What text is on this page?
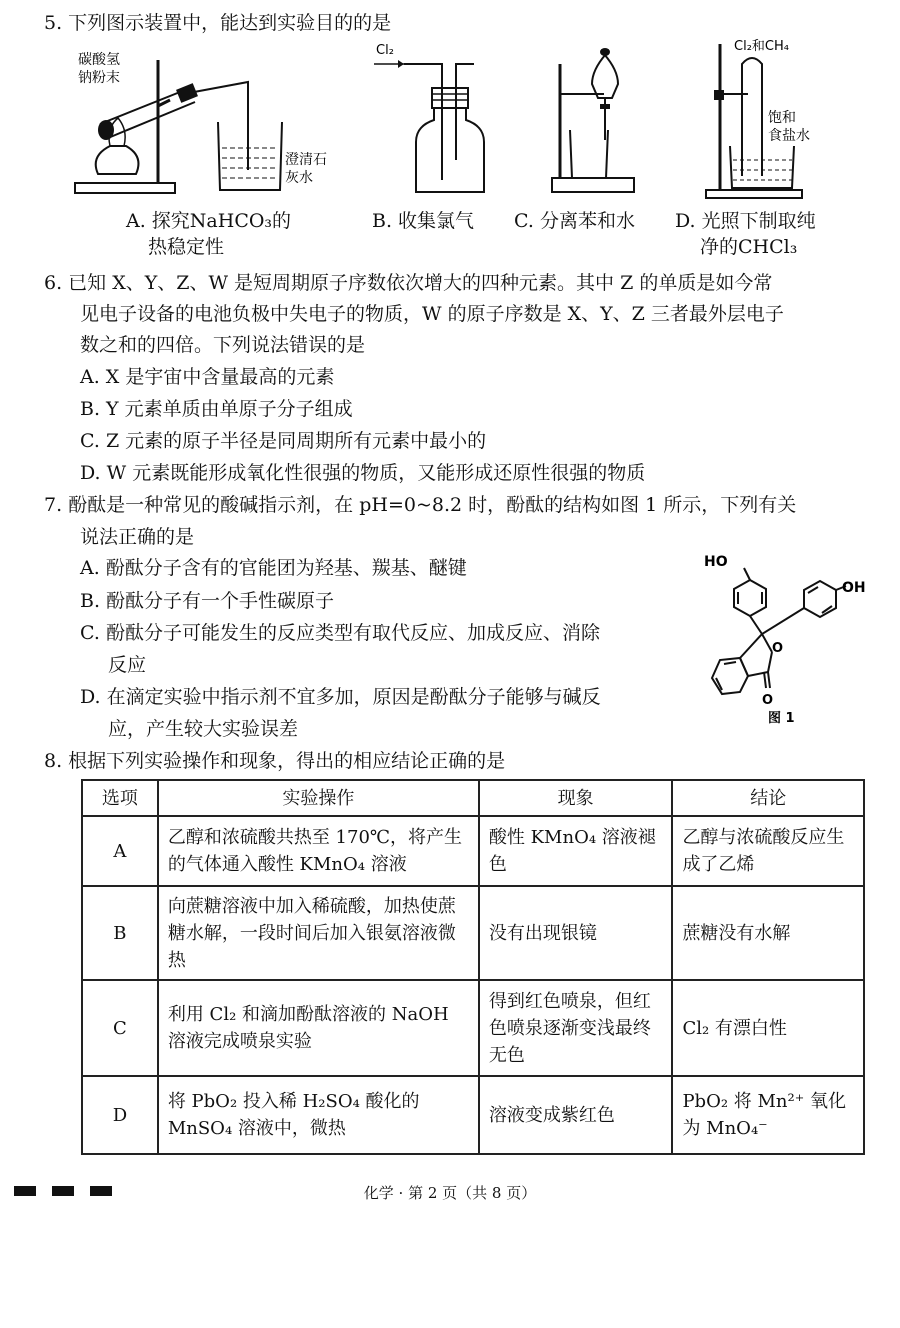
5. 下列图示装置中，能达到实验目的的是
碳酸氢
钠粉末
澄清石
灰水
Cl₂	Cl₂和CH₄
饱和
食盐水
A. 探究NaHCO₃的
热稳定性
B. 收集氯气 C. 分离苯和水 D. 光照下制取纯
净的CHCl₃
6. 已知 X、Y、Z、W 是短周期原子序数依次增大的四种元素。其中 Z 的单质是如今常
见电子设备的电池负极中失电子的物质，W 的原子序数是 X、Y、Z 三者最外层电子
数之和的四倍。下列说法错误的是
A. X 是宇宙中含量最高的元素
B. Y 元素单质由单原子分子组成
C. Z 元素的原子半径是同周期所有元素中最小的
D. W 元素既能形成氧化性很强的物质，又能形成还原性很强的物质
7. 酚酞是一种常见的酸碱指示剂，在 pH=0~8.2 时，酚酞的结构如图 1 所示，下列有关
说法正确的是
A. 酚酞分子含有的官能团为羟基、羰基、醚键
B. 酚酞分子有一个手性碳原子
C. 酚酞分子可能发生的反应类型有取代反应、加成反应、消除
反应
D. 在滴定实验中指示剂不宜多加，原因是酚酞分子能够与碱反
应，产生较大实验误差
HO
OH
O
O
图 1
8. 根据下列实验操作和现象，得出的相应结论正确的是
选项	实验操作	现象	结论
A	乙醇和浓硫酸共热至 170℃，将产生的气体通入酸性 KMnO₄ 溶液	酸性 KMnO₄ 溶液褪色	乙醇与浓硫酸反应生成了乙烯
B	向蔗糖溶液中加入稀硫酸，加热使蔗糖水解，一段时间后加入银氨溶液微热	没有出现银镜	蔗糖没有水解
C	利用 Cl₂ 和滴加酚酞溶液的 NaOH 溶液完成喷泉实验	得到红色喷泉，但红色喷泉逐渐变浅最终无色	Cl₂ 有漂白性
D	将 PbO₂ 投入稀 H₂SO₄ 酸化的 MnSO₄ 溶液中，微热	溶液变成紫红色	PbO₂ 将 Mn²⁺ 氧化为 MnO₄⁻
化学 · 第 2 页（共 8 页）
